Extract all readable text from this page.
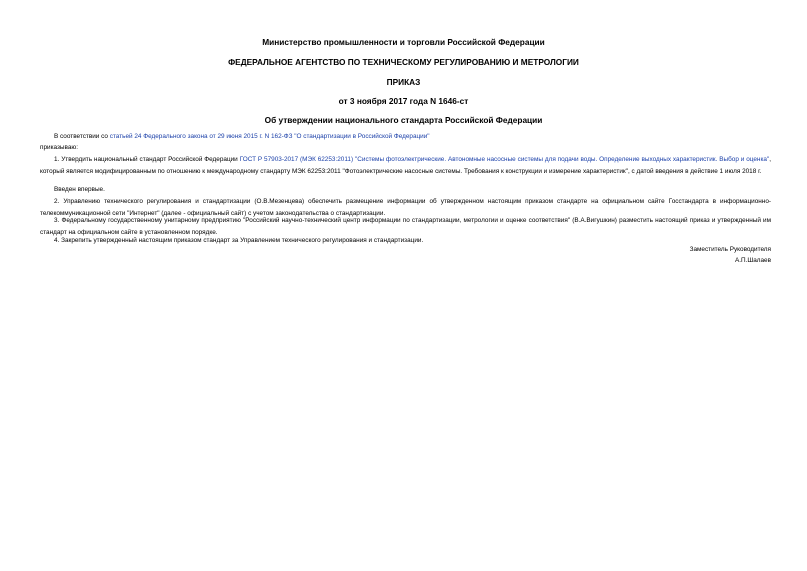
Министерство промышленности и торговли Российской Федерации
ФЕДЕРАЛЬНОЕ АГЕНТСТВО ПО ТЕХНИЧЕСКОМУ РЕГУЛИРОВАНИЮ И МЕТРОЛОГИИ
ПРИКАЗ
от 3 ноября 2017 года N 1646-ст
Об утверждении национального стандарта Российской Федерации
В соответствии со статьей 24 Федерального закона от 29 июня 2015 г. N 162-ФЗ "О стандартизации в Российской Федерации"
приказываю:
1. Утвердить национальный стандарт Российской Федерации ГОСТ Р 57903-2017 (МЭК 62253:2011) "Системы фотоэлектрические. Автономные насосные системы для подачи воды. Определение выходных характеристик. Выбор и оценка", который является модифицированным по отношению к международному стандарту МЭК 62253:2011 "Фотоэлектрические насосные системы. Требования к конструкции и измерение характеристик", с датой введения в действие 1 июля 2018 г.
Введен впервые.
2. Управлению технического регулирования и стандартизации (О.В.Мезенцева) обеспечить размещение информации об утвержденном настоящим приказом стандарте на официальном сайте Госстандарта в информационно-телекоммуникационной сети "Интернет" (далее - официальный сайт) с учетом законодательства о стандартизации.
3. Федеральному государственному унитарному предприятию "Российский научно-технический центр информации по стандартизации, метрологии и оценке соответствия" (В.А.Вигушкин) разместить настоящий приказ и утвержденный им стандарт на официальном сайте в установленном порядке.
4. Закрепить утвержденный настоящим приказом стандарт за Управлением технического регулирования и стандартизации.
Заместитель Руководителя
А.П.Шалаев
